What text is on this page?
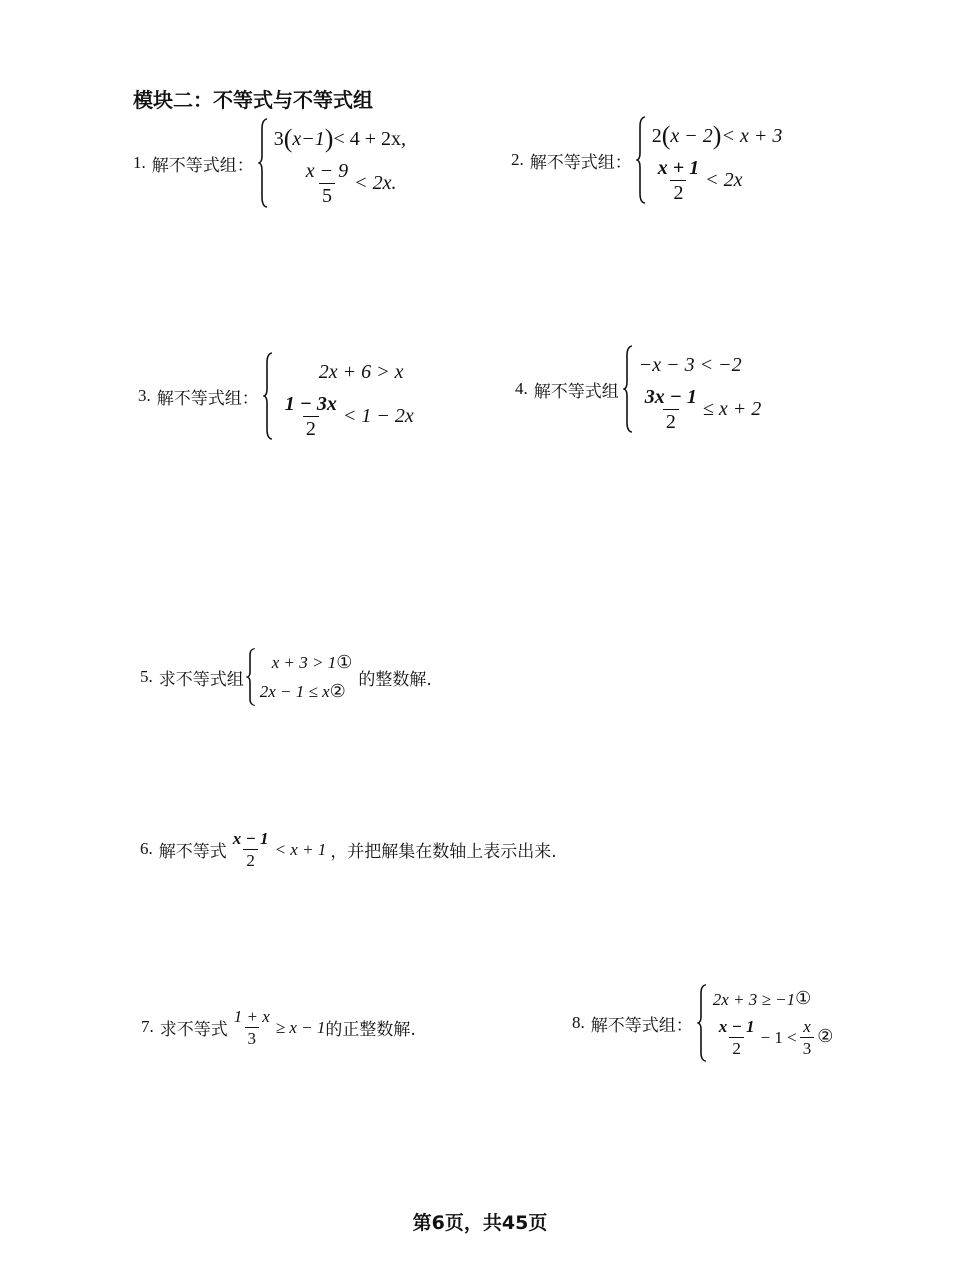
模块二：不等式与不等式组
1. 解不等式组：
3 ( x−1 ) < 4 + 2x,
$\frac{x - 9}{5} < 2x$.
2. 解不等式组：
2 ( x − 2 ) < x + 3
$\frac{x + 1}{2} < 2x$
3. 解不等式组：
2x + 6 > x
$\frac{1 - 3x}{2} < 1 - 2x$
4. 解不等式组
−x − 3 < −2
$\frac{3x - 1}{2} \le x + 2$
5. 求不等式组
x + 3 > 1 ①
2x − 1 ≤ x ②
的整数解.
6. 解不等式 $\frac{x - 1}{2} < x + 1$ ，并把解集在数轴上表示出来.
7. 求不等式 $\frac{1 + x}{3} \ge x - 1$ 的正整数解.	8. 解不等式组：
2x + 3 ≥ −1 ①
$\frac{x - 1}{2} - 1 < \frac{x}{3}$ ②
第6页，共45页
